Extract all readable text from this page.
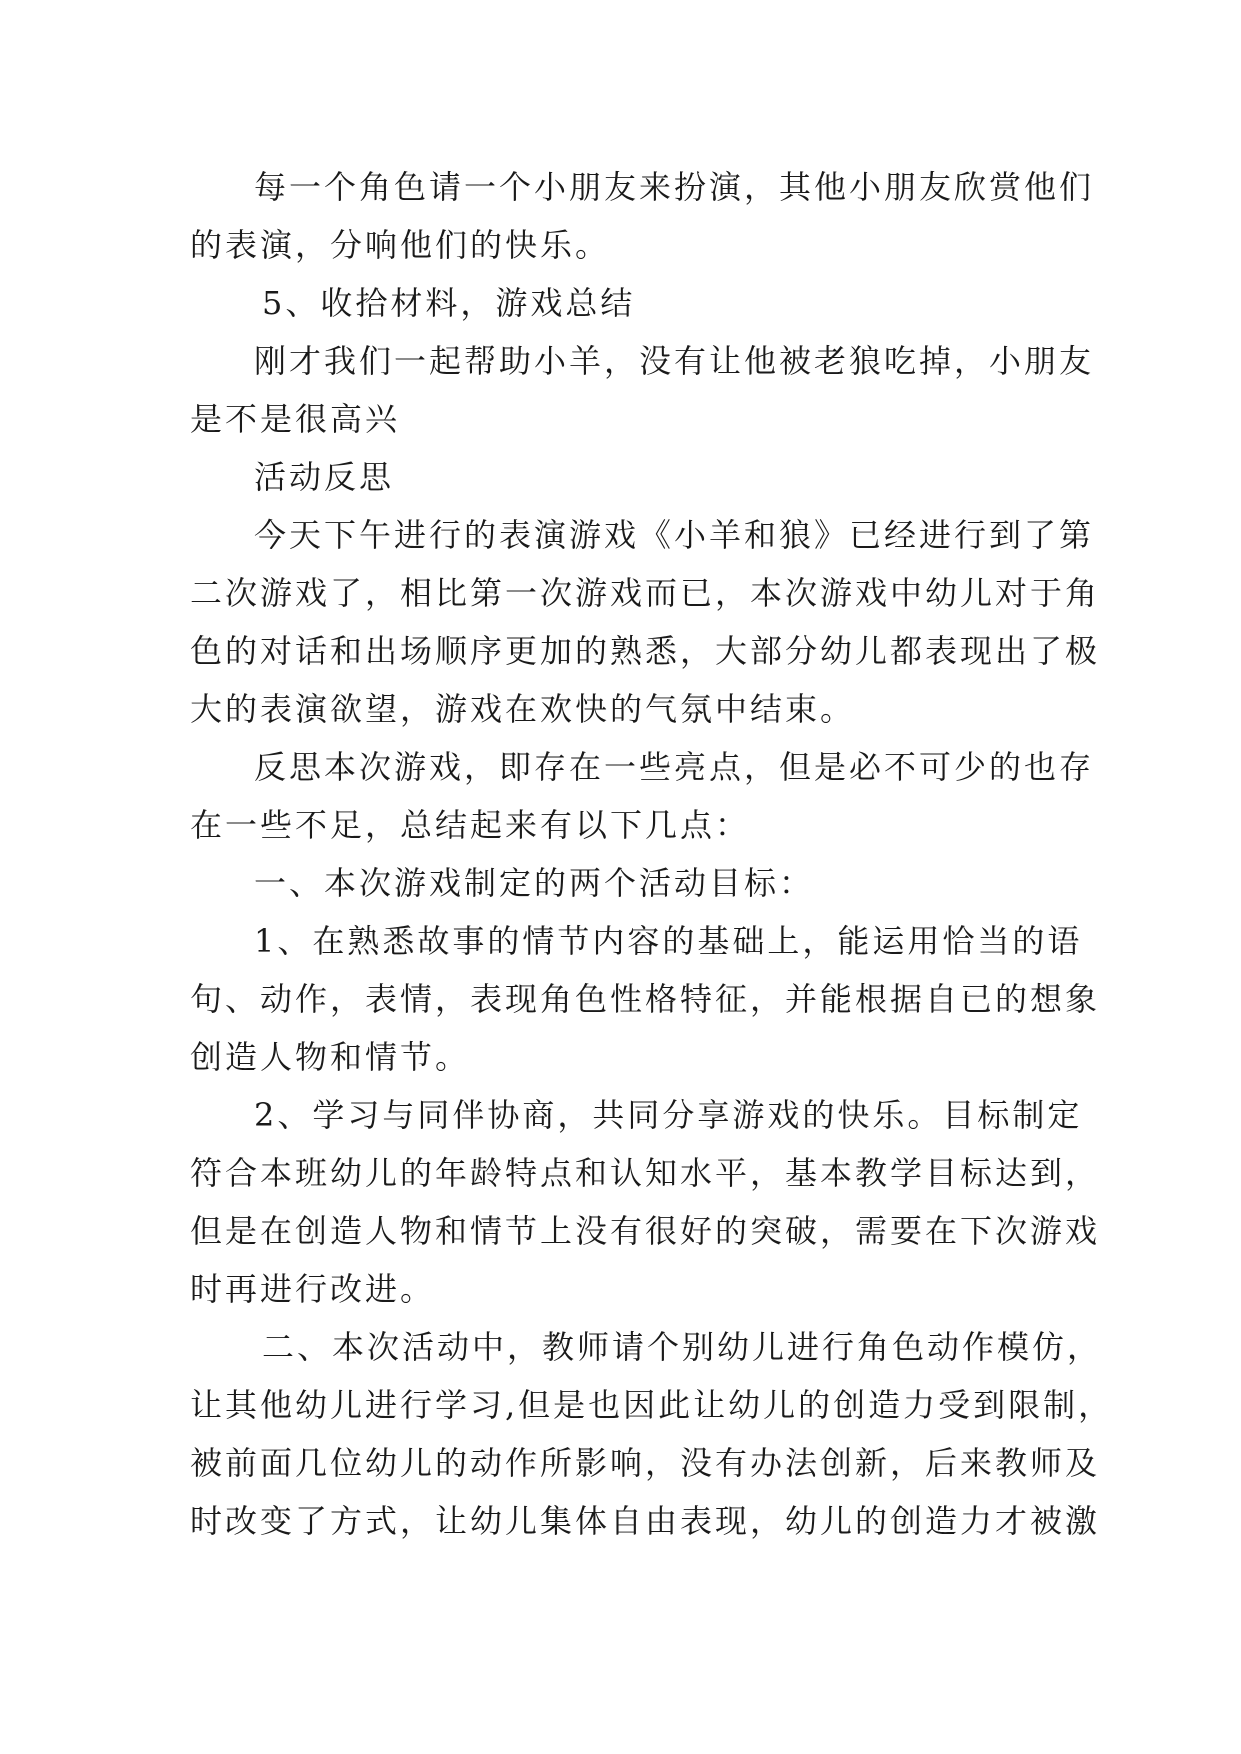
每一个角色请一个小朋友来扮演，其他小朋友欣赏他们
的表演，分响他们的快乐。
5、收拾材料，游戏总结
刚才我们一起帮助小羊，没有让他被老狼吃掉，小朋友
是不是很高兴
活动反思
今天下午进行的表演游戏《小羊和狼》已经进行到了第
二次游戏了，相比第一次游戏而已，本次游戏中幼儿对于角
色的对话和出场顺序更加的熟悉，大部分幼儿都表现出了极
大的表演欲望，游戏在欢快的气氛中结束。
反思本次游戏，即存在一些亮点，但是必不可少的也存
在一些不足，总结起来有以下几点：
一、本次游戏制定的两个活动目标：
1、在熟悉故事的情节内容的基础上，能运用恰当的语
句、动作，表情，表现角色性格特征，并能根据自已的想象
创造人物和情节。
2、学习与同伴协商，共同分享游戏的快乐。目标制定
符合本班幼儿的年龄特点和认知水平，基本教学目标达到，
但是在创造人物和情节上没有很好的突破，需要在下次游戏
时再进行改进。
二、本次活动中，教师请个别幼儿进行角色动作模仿，
让其他幼儿进行学习,但是也因此让幼儿的创造力受到限制，
被前面几位幼儿的动作所影响，没有办法创新，后来教师及
时改变了方式，让幼儿集体自由表现，幼儿的创造力才被激
